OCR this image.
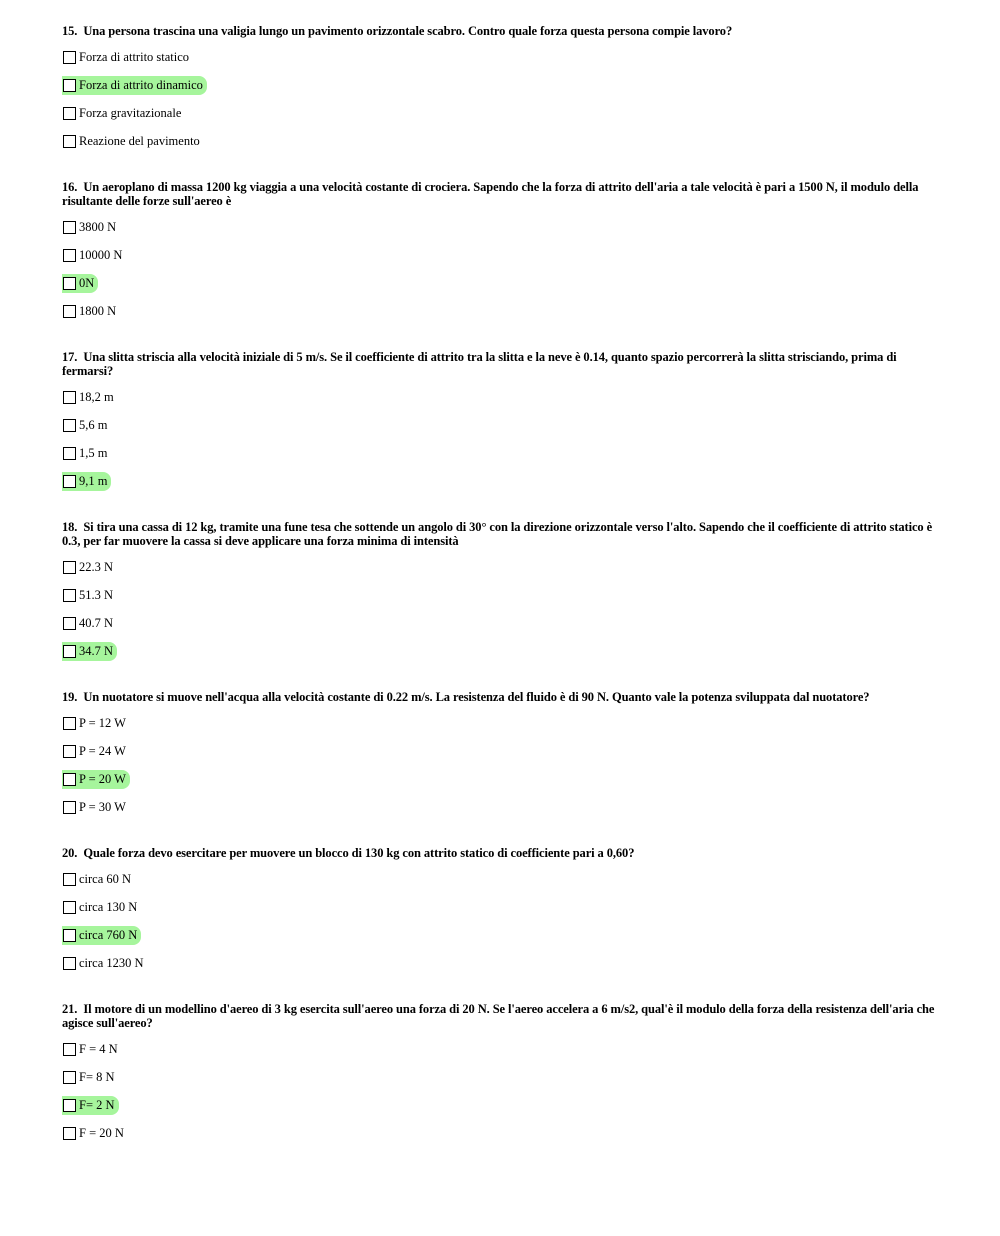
15. Una persona trascina una valigia lungo un pavimento orizzontale scabro. Contro quale forza questa persona compie lavoro?
Forza di attrito statico
Forza di attrito dinamico
Forza gravitazionale
Reazione del pavimento
16. Un aeroplano di massa 1200 kg viaggia a una velocità costante di crociera. Sapendo che la forza di attrito dell'aria a tale velocità è pari a 1500 N, il modulo della risultante delle forze sull'aereo è
3800 N
10000 N
0N
1800 N
17. Una slitta striscia alla velocità iniziale di 5 m/s. Se il coefficiente di attrito tra la slitta e la neve è 0.14, quanto spazio percorrerà la slitta strisciando, prima di fermarsi?
18,2 m
5,6 m
1,5 m
9,1 m
18. Si tira una cassa di 12 kg, tramite una fune tesa che sottende un angolo di 30° con la direzione orizzontale verso l'alto. Sapendo che il coefficiente di attrito statico è 0.3, per far muovere la cassa si deve applicare una forza minima di intensità
22.3 N
51.3 N
40.7 N
34.7 N
19. Un nuotatore si muove nell'acqua alla velocità costante di 0.22 m/s. La resistenza del fluido è di 90 N. Quanto vale la potenza sviluppata dal nuotatore?
P = 12 W
P = 24 W
P = 20 W
P = 30 W
20. Quale forza devo esercitare per muovere un blocco di 130 kg con attrito statico di coefficiente pari a 0,60?
circa 60 N
circa 130 N
circa 760 N
circa 1230 N
21. Il motore di un modellino d'aereo di 3 kg esercita sull'aereo una forza di 20 N. Se l'aereo accelera a 6 m/s2, qual'è il modulo della forza della resistenza dell'aria che agisce sull'aereo?
F = 4 N
F= 8 N
F= 2 N
F = 20 N
